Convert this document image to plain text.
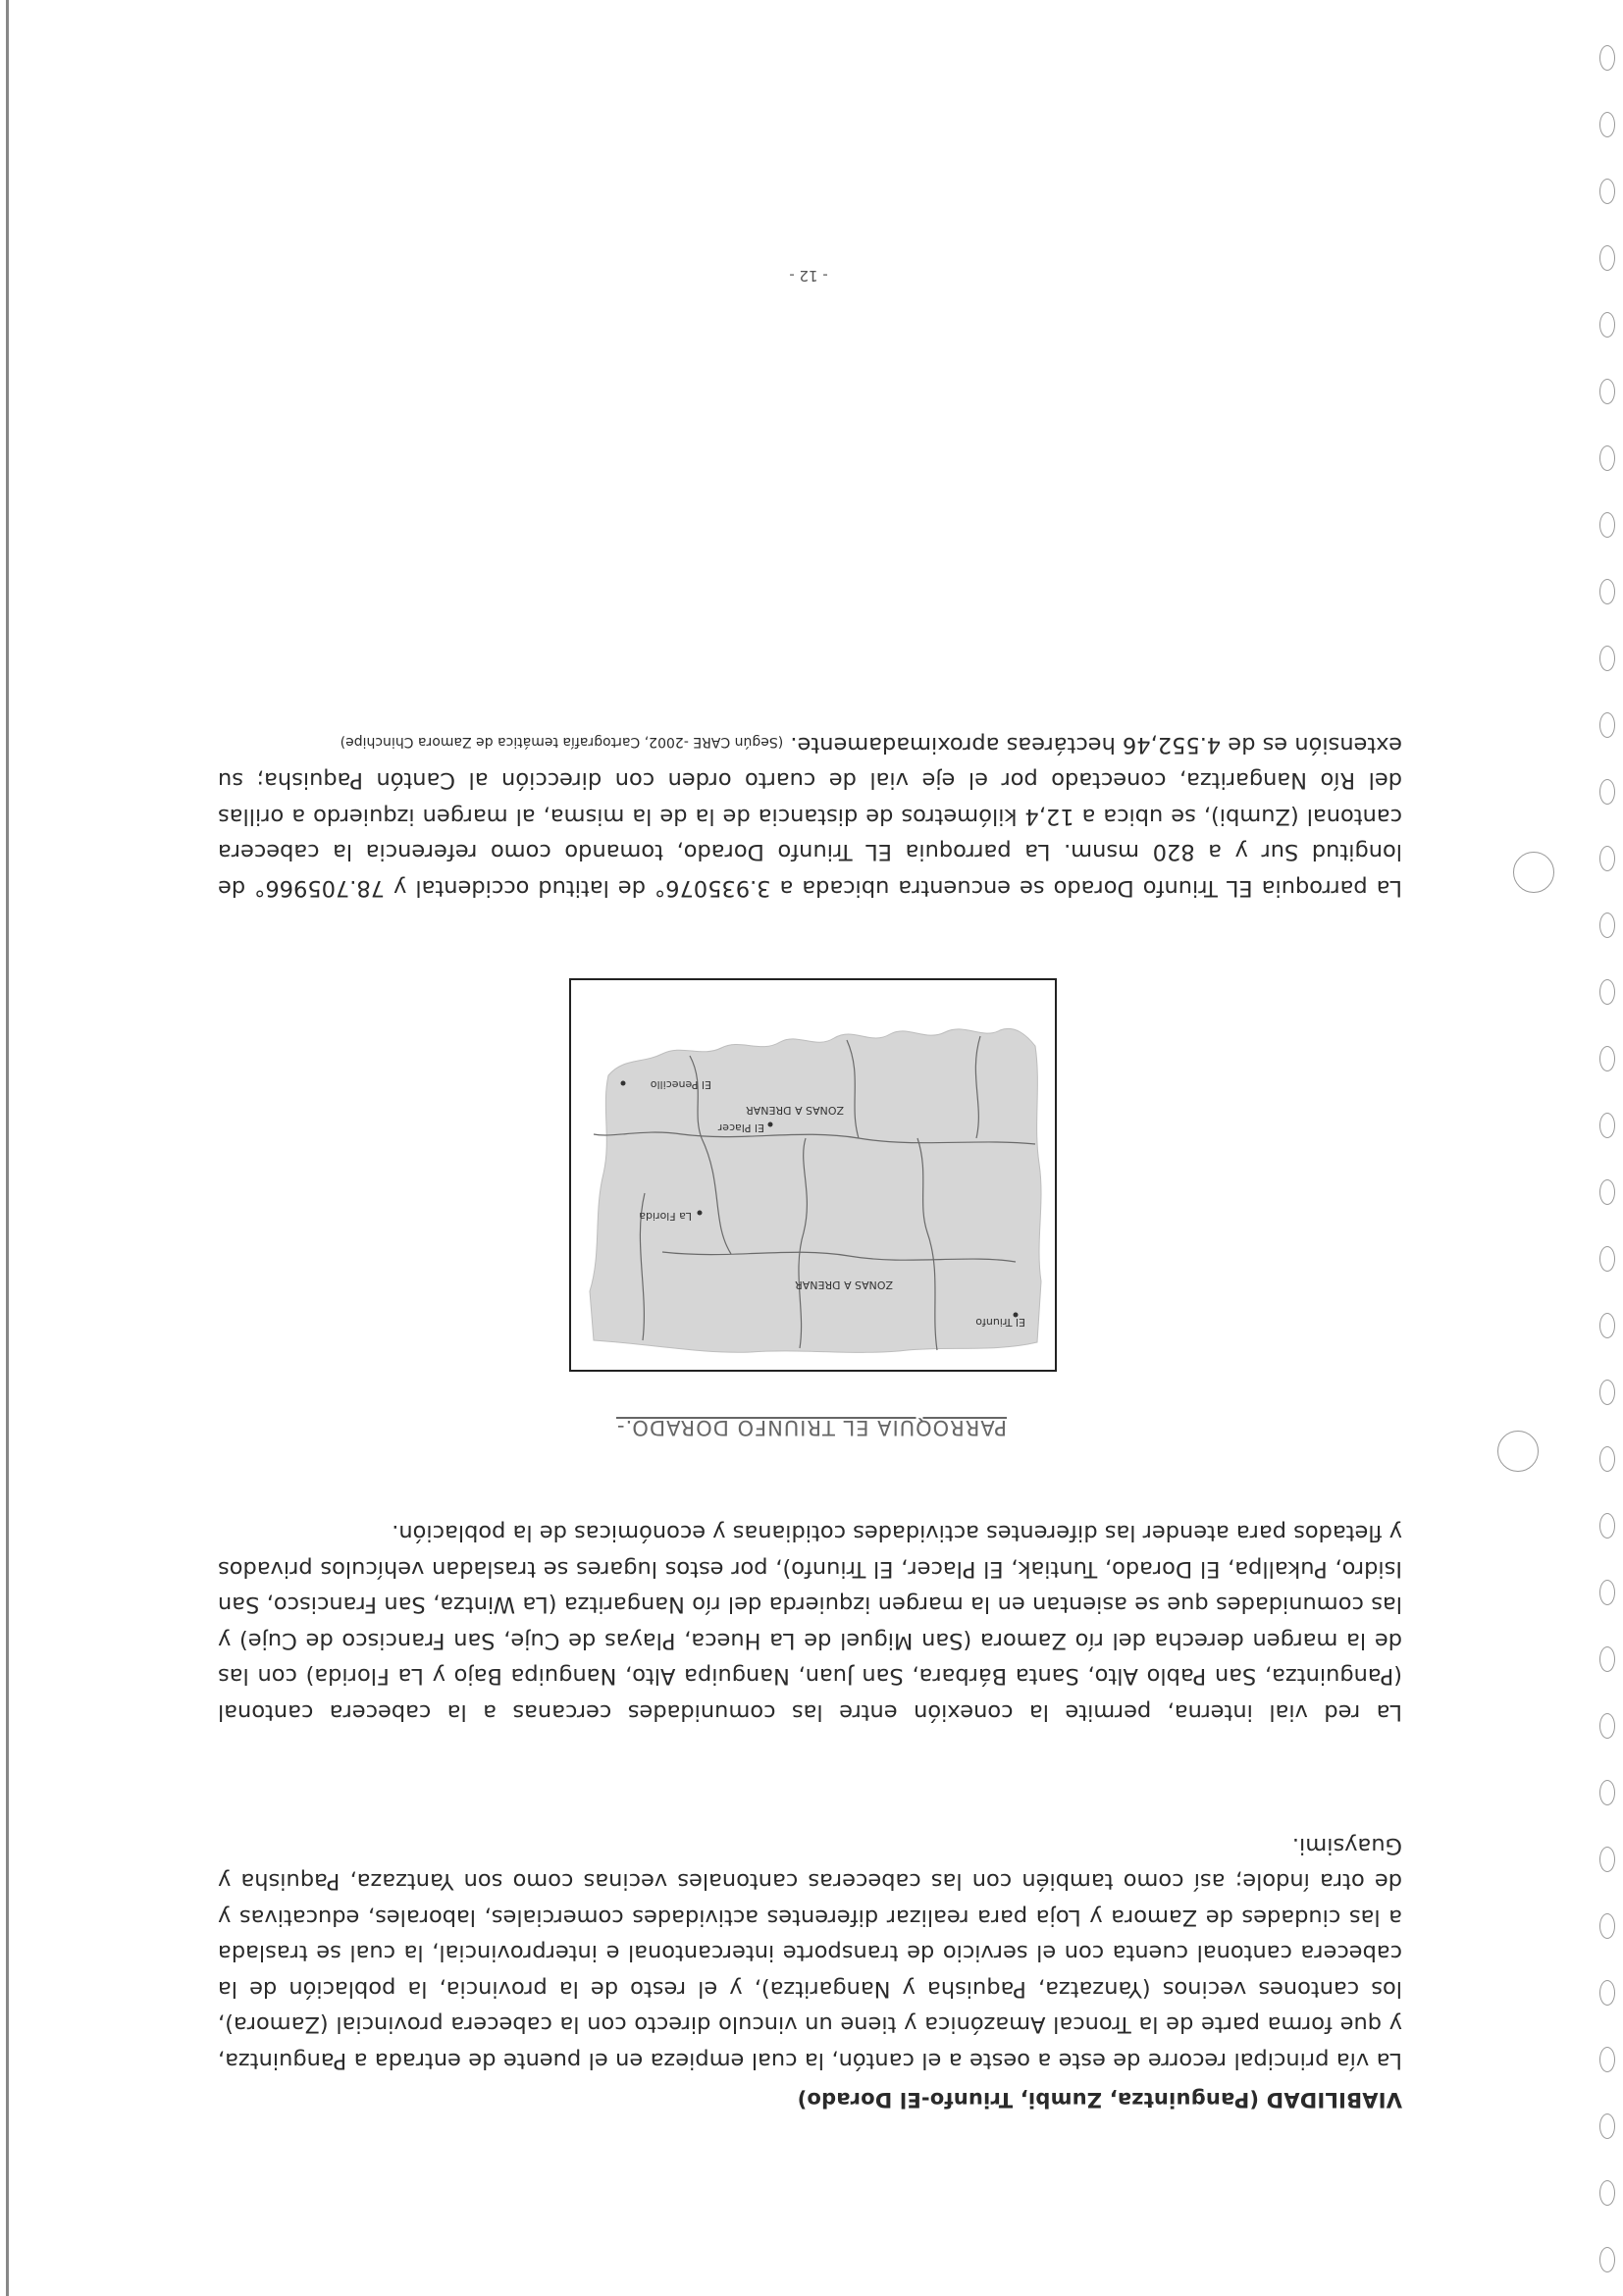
VIABILIDAD (Panguintza, Zumbi, Triunfo-El Dorado)

La vía principal recorre de este a oeste a el cantón, la cual empieza en el puente de entrada a Panguintza, y que forma parte de la Troncal Amazónica y tiene un vinculo directo con la cabecera provincial (Zamora), los cantones vecinos (Yanzatza, Paquisha y Nangaritza), y el resto de la provincia, la población de la cabecera cantonal cuenta con el servicio de transporte intercantonal e interprovincial, la cual se traslada a las ciudades de Zamora y Loja para realizar diferentes actividades comerciales, laborales, educativas y de otra índole; así como también con las cabeceras cantonales vecinas como son Yantzaza, Paquisha y Guaysimi.

La red vial interna, permite la conexión entre las comunidades cercanas a la cabecera cantonal (Panguintza, San Pablo Alto, Santa Bárbara, San Juan, Nanguipa Alto, Nanguipa Bajo y La Florida) con las de la margen derecha del río Zamora (San Miguel de La Hueca, Playas de Cuje, San Francisco de Cuje) y las comunidades que se asientan en la margen izquierda del río Nangaritza (La Wintza, San Francisco, San Isidro, Pukallpa, El Dorado, Tuntiak, El Placer, El Triunfo), por estos lugares se trasladan vehículos privados y fletados para atender las diferentes actividades cotidianas y económicas de la población.

PARROQUIA EL TRIUNFO DORADO.-
El Triunfo
ZONAS A DRENAR
El Placer
La Florida
ZONAS A DRENAR
El Penecillo

La parroquia EL Triunfo Dorado se encuentra ubicada a 3.935076° de latitud occidental y 78.705966° de longitud Sur y a 820 msnm. La parroquia EL Triunfo Dorado, tomando como referencia la cabecera cantonal (Zumbi), se ubica a 12,4 kilómetros de distancia de la de la misma, al margen izquierdo a orillas del Río Nangaritza, conectado por el eje vial de cuarto orden con dirección al Cantón Paquisha; su extensión es de 4.552,46 hectáreas aproximadamente. (Según CARE -2002, Cartografía temática de Zamora Chinchipe)

- 12 -
